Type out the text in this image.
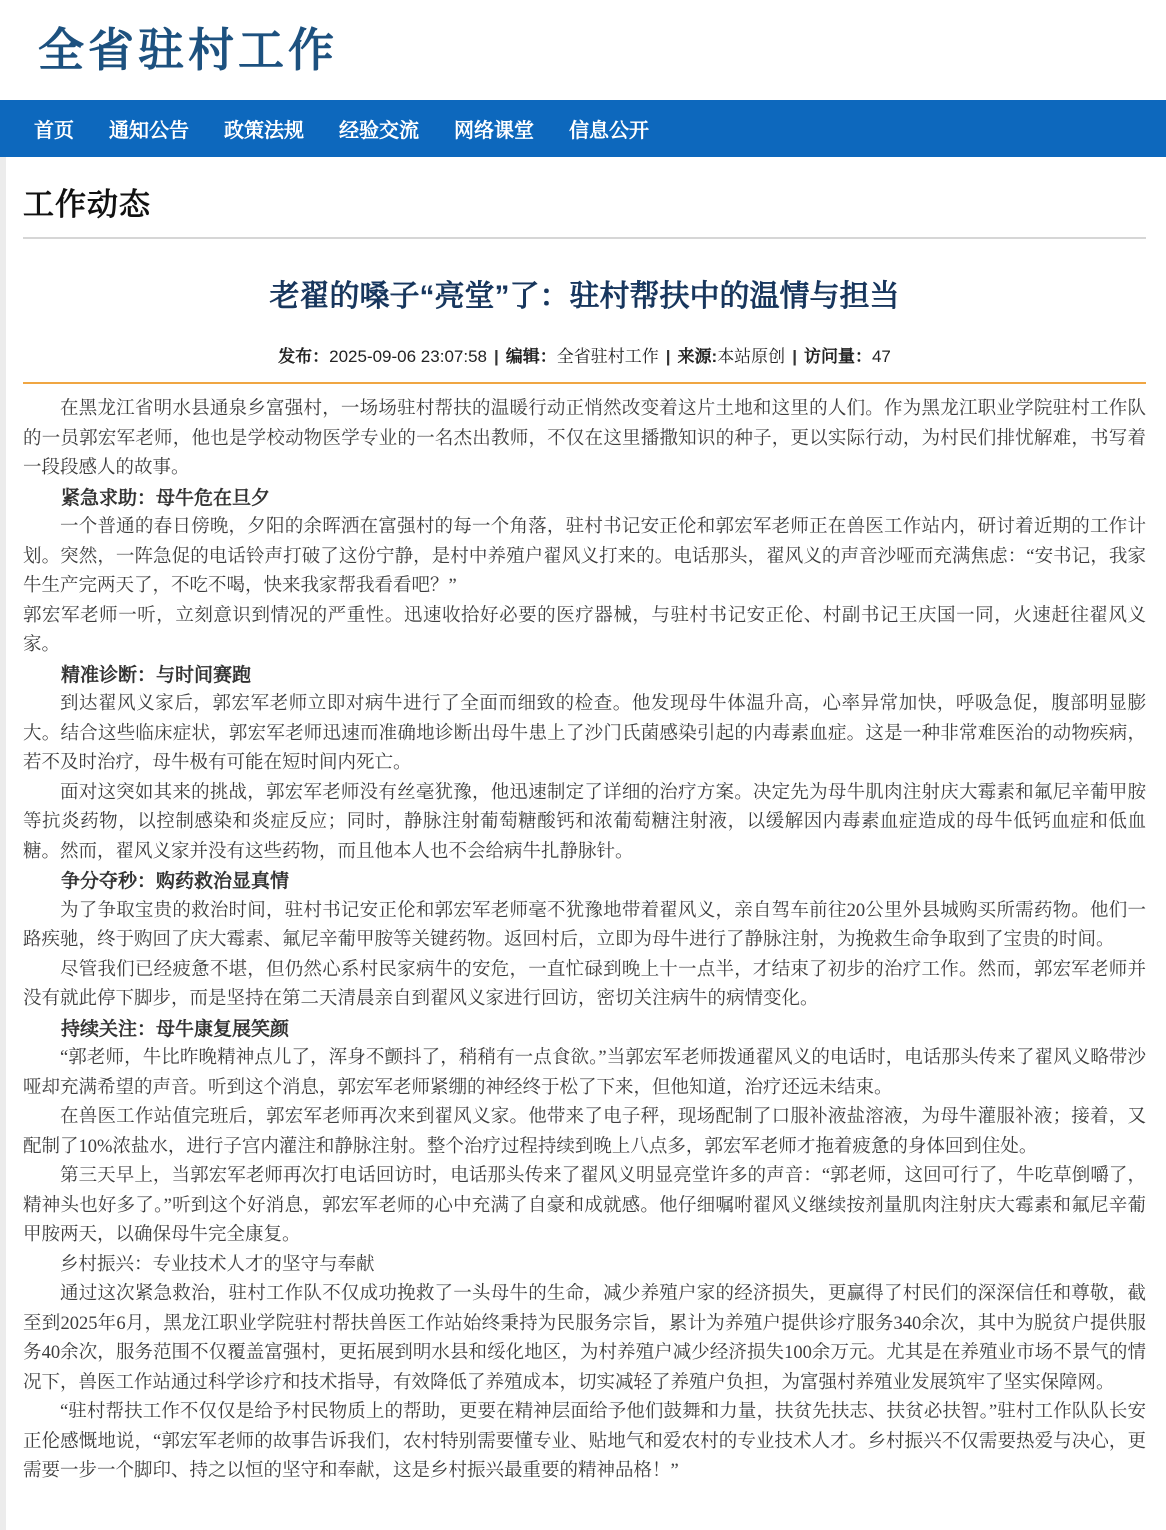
全省驻村工作
首页 通知公告 政策法规 经验交流 网络课堂 信息公开
工作动态
老翟的嗓子“亮堂”了：驻村帮扶中的温情与担当
发布：2025-09-06 23:07:58 | 编辑：全省驻村工作 | 来源:本站原创 | 访问量：47

在黑龙江省明水县通泉乡富强村，一场场驻村帮扶的温暖行动正悄然改变着这片土地和这里的人们。作为黑龙江职业学院驻村工作队的一员郭宏军老师，他也是学校动物医学专业的一名杰出教师，不仅在这里播撒知识的种子，更以实际行动，为村民们排忧解难，书写着一段段感人的故事。

紧急求助：母牛危在旦夕

一个普通的春日傍晚，夕阳的余晖洒在富强村的每一个角落，驻村书记安正伦和郭宏军老师正在兽医工作站内，研讨着近期的工作计划。突然，一阵急促的电话铃声打破了这份宁静，是村中养殖户翟风义打来的。电话那头，翟风义的声音沙哑而充满焦虑：“安书记，我家牛生产完两天了，不吃不喝，快来我家帮我看看吧？”

郭宏军老师一听，立刻意识到情况的严重性。迅速收拾好必要的医疗器械，与驻村书记安正伦、村副书记王庆国一同，火速赶往翟风义家。

精准诊断：与时间赛跑

到达翟风义家后，郭宏军老师立即对病牛进行了全面而细致的检查。他发现母牛体温升高，心率异常加快，呼吸急促，腹部明显膨大。结合这些临床症状，郭宏军老师迅速而准确地诊断出母牛患上了沙门氏菌感染引起的内毒素血症。这是一种非常难医治的动物疾病，若不及时治疗，母牛极有可能在短时间内死亡。

面对这突如其来的挑战，郭宏军老师没有丝毫犹豫，他迅速制定了详细的治疗方案。决定先为母牛肌肉注射庆大霉素和氟尼辛葡甲胺等抗炎药物，以控制感染和炎症反应；同时，静脉注射葡萄糖酸钙和浓葡萄糖注射液，以缓解因内毒素血症造成的母牛低钙血症和低血糖。然而，翟风义家并没有这些药物，而且他本人也不会给病牛扎静脉针。

争分夺秒：购药救治显真情

为了争取宝贵的救治时间，驻村书记安正伦和郭宏军老师毫不犹豫地带着翟风义，亲自驾车前往20公里外县城购买所需药物。他们一路疾驰，终于购回了庆大霉素、氟尼辛葡甲胺等关键药物。返回村后，立即为母牛进行了静脉注射，为挽救生命争取到了宝贵的时间。

尽管我们已经疲惫不堪，但仍然心系村民家病牛的安危，一直忙碌到晚上十一点半，才结束了初步的治疗工作。然而，郭宏军老师并没有就此停下脚步，而是坚持在第二天清晨亲自到翟风义家进行回访，密切关注病牛的病情变化。

持续关注：母牛康复展笑颜

“郭老师，牛比昨晚精神点儿了，浑身不颤抖了，稍稍有一点食欲。”当郭宏军老师拨通翟风义的电话时，电话那头传来了翟风义略带沙哑却充满希望的声音。听到这个消息，郭宏军老师紧绷的神经终于松了下来，但他知道，治疗还远未结束。

在兽医工作站值完班后，郭宏军老师再次来到翟风义家。他带来了电子秤，现场配制了口服补液盐溶液，为母牛灌服补液；接着，又配制了10%浓盐水，进行子宫内灌注和静脉注射。整个治疗过程持续到晚上八点多，郭宏军老师才拖着疲惫的身体回到住处。

第三天早上，当郭宏军老师再次打电话回访时，电话那头传来了翟风义明显亮堂许多的声音：“郭老师，这回可行了，牛吃草倒嚼了，精神头也好多了。”听到这个好消息，郭宏军老师的心中充满了自豪和成就感。他仔细嘱咐翟风义继续按剂量肌肉注射庆大霉素和氟尼辛葡甲胺两天，以确保母牛完全康复。

乡村振兴：专业技术人才的坚守与奉献

通过这次紧急救治，驻村工作队不仅成功挽救了一头母牛的生命，减少养殖户家的经济损失，更赢得了村民们的深深信任和尊敬，截至到2025年6月，黑龙江职业学院驻村帮扶兽医工作站始终秉持为民服务宗旨，累计为养殖户提供诊疗服务340余次，其中为脱贫户提供服务40余次，服务范围不仅覆盖富强村，更拓展到明水县和绥化地区，为村养殖户减少经济损失100余万元。尤其是在养殖业市场不景气的情况下，兽医工作站通过科学诊疗和技术指导，有效降低了养殖成本，切实减轻了养殖户负担，为富强村养殖业发展筑牢了坚实保障网。

“驻村帮扶工作不仅仅是给予村民物质上的帮助，更要在精神层面给予他们鼓舞和力量，扶贫先扶志、扶贫必扶智。”驻村工作队队长安正伦感慨地说，“郭宏军老师的故事告诉我们，农村特别需要懂专业、贴地气和爱农村的专业技术人才。乡村振兴不仅需要热爱与决心，更需要一步一个脚印、持之以恒的坚守和奉献，这是乡村振兴最重要的精神品格！”
